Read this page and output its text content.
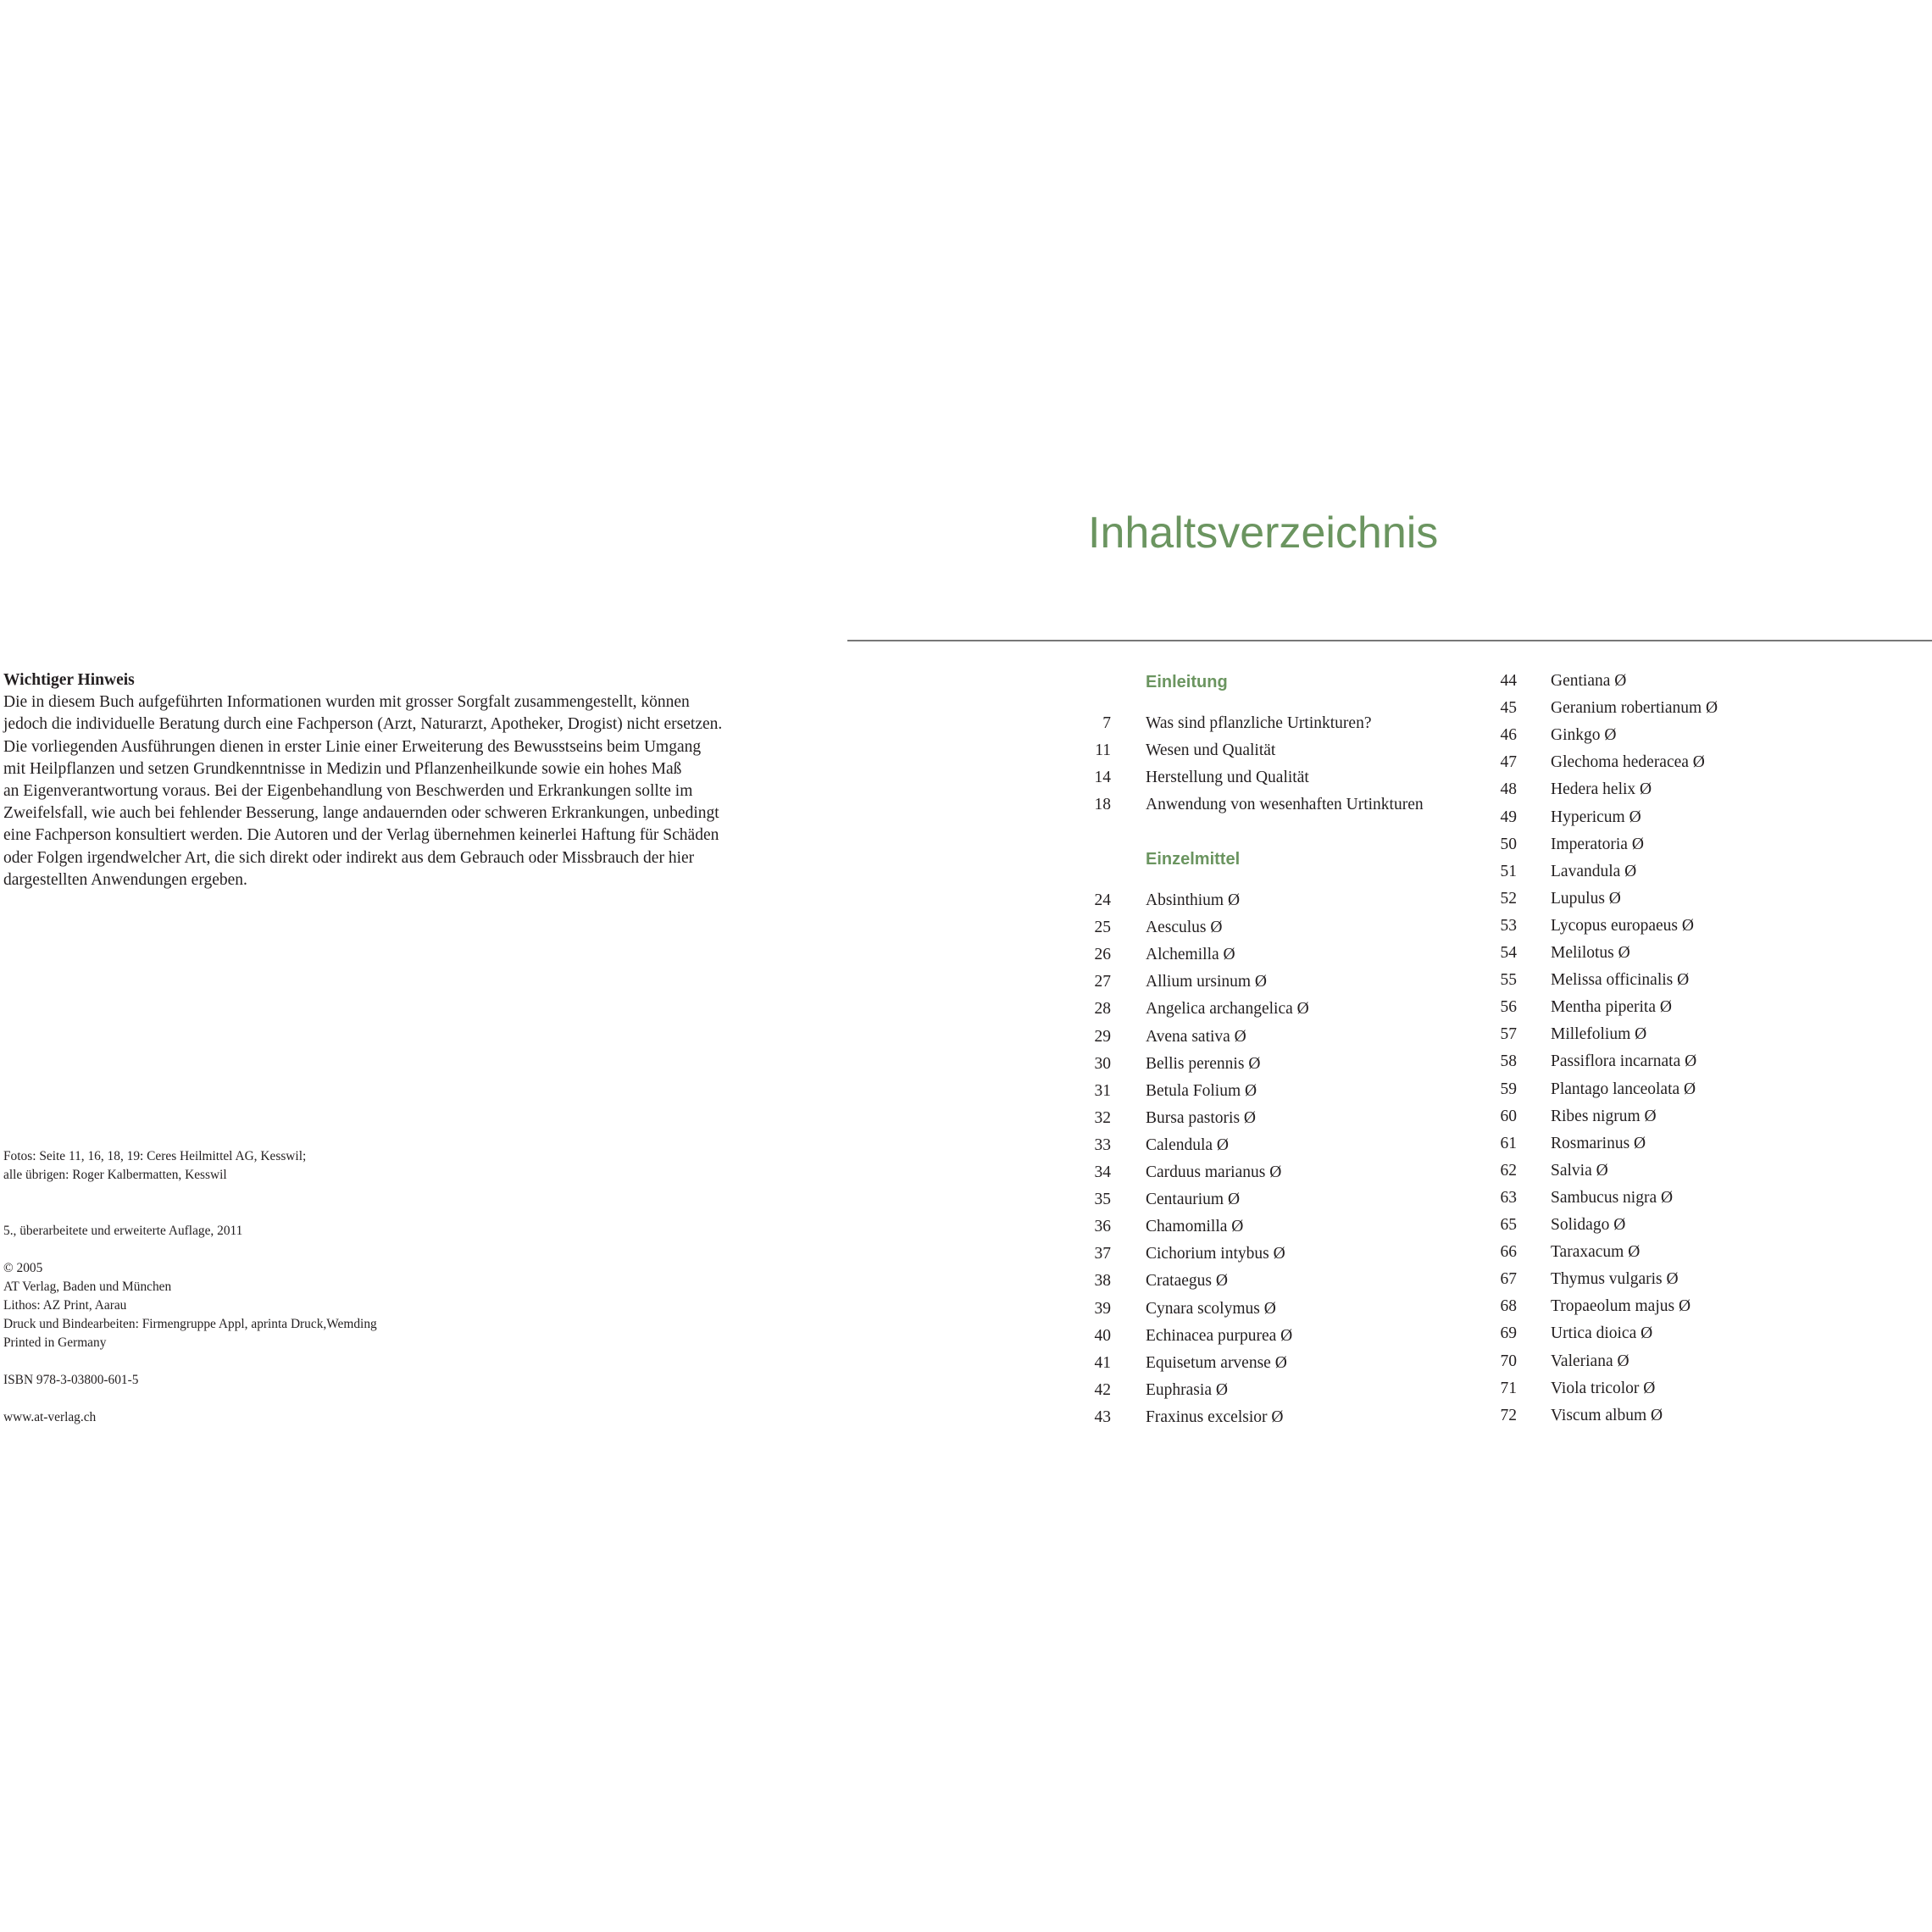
Wichtiger Hinweis
Die in diesem Buch aufgeführten Informationen wurden mit grosser Sorgfalt zusammengestellt, können
jedoch die individuelle Beratung durch eine Fachperson (Arzt, Naturarzt, Apotheker, Drogist) nicht ersetzen.
Die vorliegenden Ausführungen dienen in erster Linie einer Erweiterung des Bewusstseins beim Umgang
mit Heilpflanzen und setzen Grundkenntnisse in Medizin und Pflanzenheilkunde sowie ein hohes Maß
an Eigenverantwortung voraus. Bei der Eigenbehandlung von Beschwerden und Erkrankungen sollte im
Zweifelsfall, wie auch bei fehlender Besserung, lange andauernden oder schweren Erkrankungen, unbedingt
eine Fachperson konsultiert werden. Die Autoren und der Verlag übernehmen keinerlei Haftung für Schäden
oder Folgen irgendwelcher Art, die sich direkt oder indirekt aus dem Gebrauch oder Missbrauch der hier
dargestellten Anwendungen ergeben.
Fotos: Seite 11, 16, 18, 19: Ceres Heilmittel AG, Kesswil;
alle übrigen: Roger Kalbermatten, Kesswil
5., überarbeitete und erweiterte Auflage, 2011
© 2005
AT Verlag, Baden und München
Lithos: AZ Print, Aarau
Druck und Bindearbeiten: Firmengruppe Appl, aprinta Druck,Wemding
Printed in Germany
ISBN 978-3-03800-601-5
www.at-verlag.ch
Inhaltsverzeichnis
Einleitung
Einzelmittel
7 Was sind pflanzliche Urtinkturen?
11 Wesen und Qualität
14 Herstellung und Qualität
18 Anwendung von wesenhaften Urtinkturen
24 Absinthium Ø
25 Aesculus Ø
26 Alchemilla Ø
27 Allium ursinum Ø
28 Angelica archangelica Ø
29 Avena sativa Ø
30 Bellis perennis Ø
31 Betula Folium Ø
32 Bursa pastoris Ø
33 Calendula Ø
34 Carduus marianus Ø
35 Centaurium Ø
36 Chamomilla Ø
37 Cichorium intybus Ø
38 Crataegus Ø
39 Cynara scolymus Ø
40 Echinacea purpurea Ø
41 Equisetum arvense Ø
42 Euphrasia Ø
43 Fraxinus excelsior Ø
44 Gentiana Ø
45 Geranium robertianum Ø
46 Ginkgo Ø
47 Glechoma hederacea Ø
48 Hedera helix Ø
49 Hypericum Ø
50 Imperatoria Ø
51 Lavandula Ø
52 Lupulus Ø
53 Lycopus europaeus Ø
54 Melilotus Ø
55 Melissa officinalis Ø
56 Mentha piperita Ø
57 Millefolium Ø
58 Passiflora incarnata Ø
59 Plantago lanceolata Ø
60 Ribes nigrum Ø
61 Rosmarinus Ø
62 Salvia Ø
63 Sambucus nigra Ø
65 Solidago Ø
66 Taraxacum Ø
67 Thymus vulgaris Ø
68 Tropaeolum majus Ø
69 Urtica dioica Ø
70 Valeriana Ø
71 Viola tricolor Ø
72 Viscum album Ø
